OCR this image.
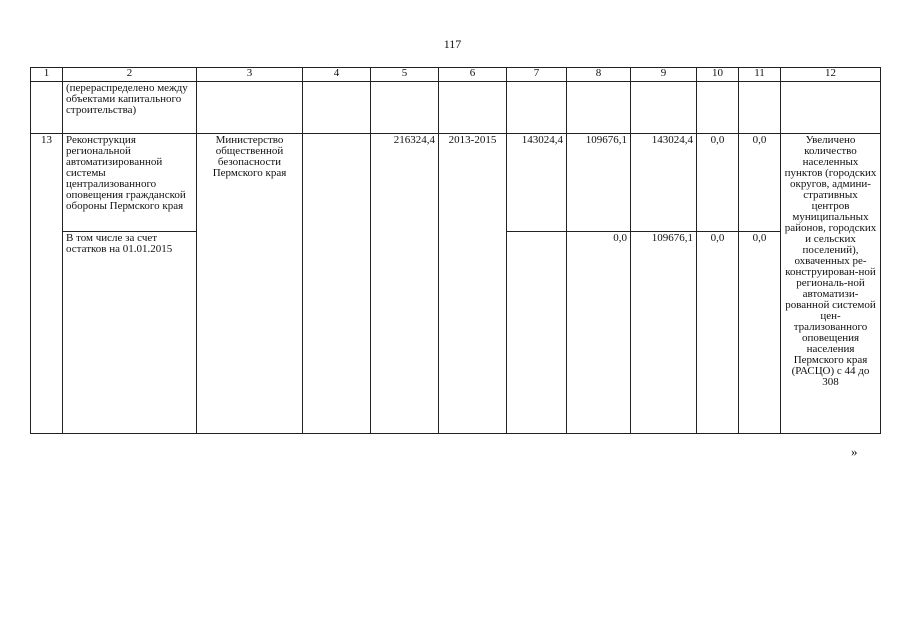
117
1	2	3	4	5	6	7	8	9	10	11	12
	(перераспределено между объектами капитального строительства)										
13	Реконструкция региональной автоматизированной системы централизованного оповещения гражданской обороны Пермского края	Министерство общественной безопасности Пермского края		216324,4	2013-2015	143024,4	109676,1	143024,4	0,0	0,0	Увеличено количество населенных пунктов (городских округов, админи-стративных центров муниципальных районов, городских и сельских поселений), охваченных ре-конструирован-ной региональ-ной автоматизи-рованной системой цен-трализованного оповещения населения Пермского края (РАСЦО) с 44 до 308
	В том числе за счет остатков на 01.01.2015						0,0	109676,1	0,0	0,0	
»
